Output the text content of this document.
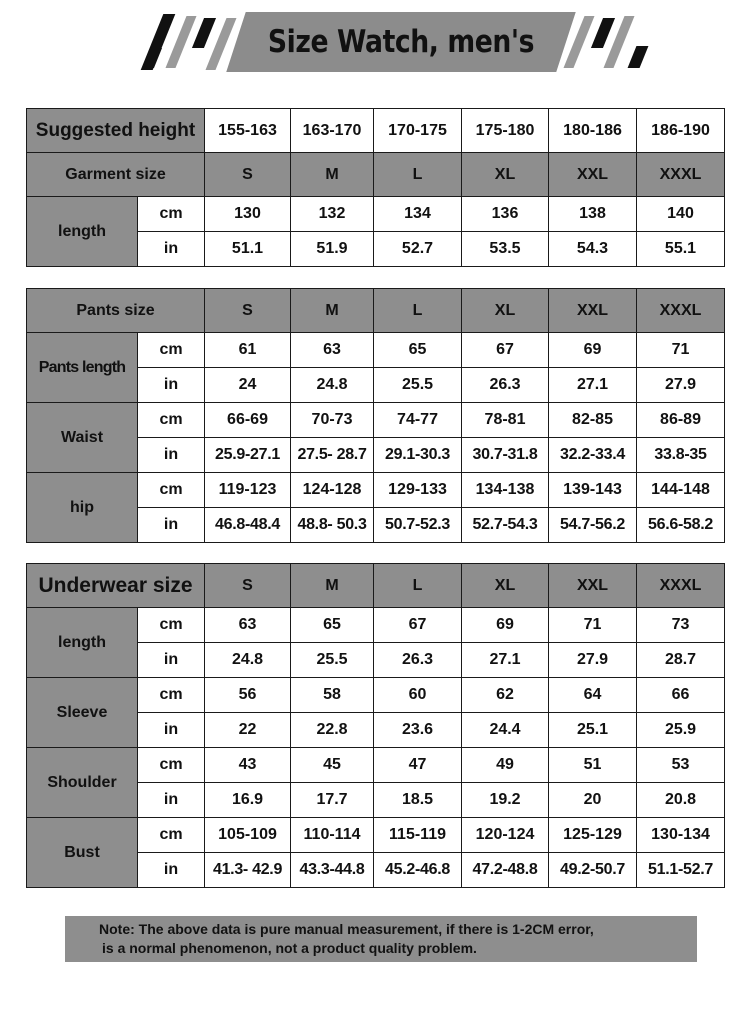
Size Watch, men's
Suggested height		155-163	163-170	170-175	175-180	180-186	186-190
Garment size		S	M	L	XL	XXL	XXXL
length	cm	130	132	134	136	138	140
	in	51.1	51.9	52.7	53.5	54.3	55.1
Pants size		S	M	L	XL	XXL	XXXL
Pants length	cm	61	63	65	67	69	71
	in	24	24.8	25.5	26.3	27.1	27.9
Waist	cm	66-69	70-73	74-77	78-81	82-85	86-89
	in	25.9-27.1	27.5- 28.7	29.1-30.3	30.7-31.8	32.2-33.4	33.8-35
hip	cm	119-123	124-128	129-133	134-138	139-143	144-148
	in	46.8-48.4	48.8- 50.3	50.7-52.3	52.7-54.3	54.7-56.2	56.6-58.2
Underwear size		S	M	L	XL	XXL	XXXL
length	cm	63	65	67	69	71	73
	in	24.8	25.5	26.3	27.1	27.9	28.7
Sleeve	cm	56	58	60	62	64	66
	in	22	22.8	23.6	24.4	25.1	25.9
Shoulder	cm	43	45	47	49	51	53
	in	16.9	17.7	18.5	19.2	20	20.8
Bust	cm	105-109	110-114	115-119	120-124	125-129	130-134
	in	41.3- 42.9	43.3-44.8	45.2-46.8	47.2-48.8	49.2-50.7	51.1-52.7
Note: The above data is pure manual measurement, if there is 1-2CM error,
is a normal phenomenon, not a product quality problem.
